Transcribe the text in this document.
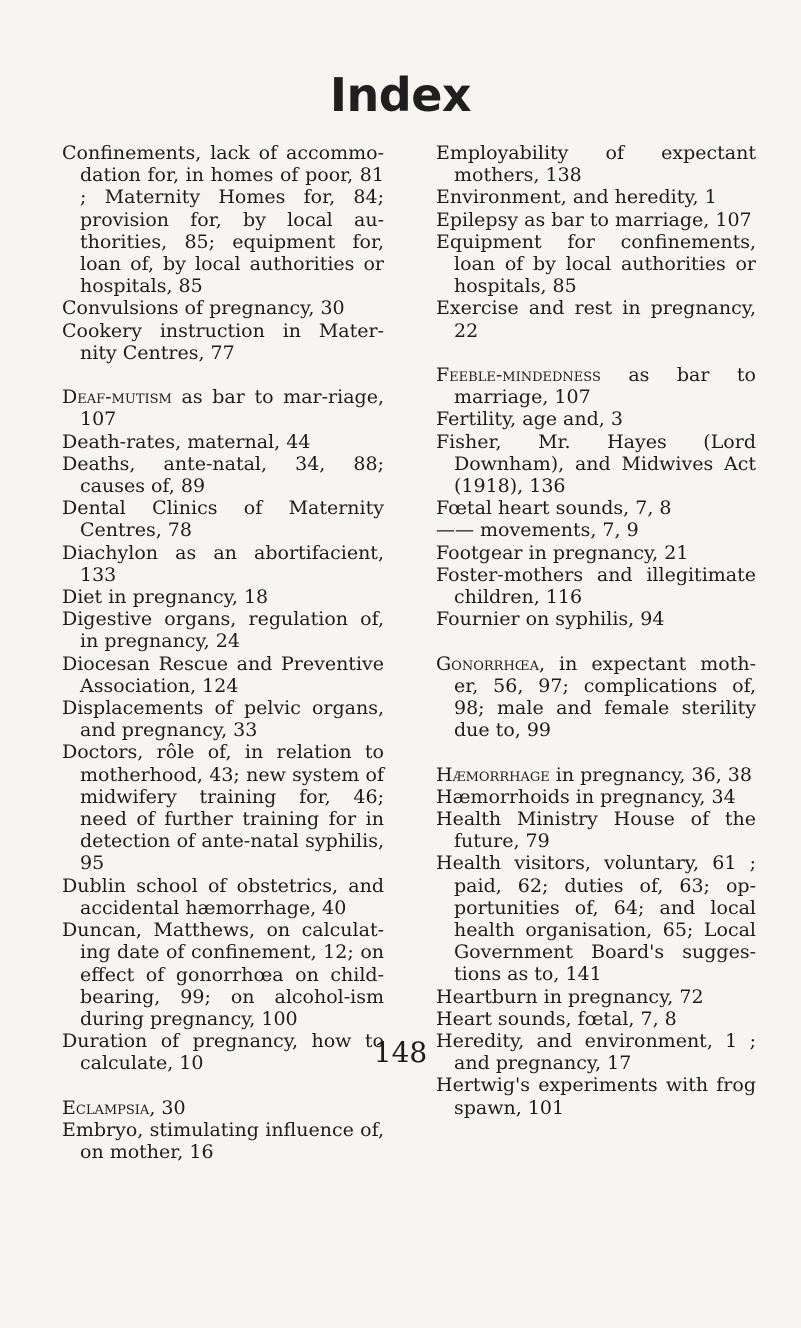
Index

Confinements, lack of accommo-dation for, in homes of poor, 81 ; Maternity Homes for, 84; provision for, by local au-thorities, 85; equipment for, loan of, by local authorities or hospitals, 85

Convulsions of pregnancy, 30

Cookery instruction in Mater-nity Centres, 77

Deaf-mutism as bar to mar-riage, 107

Death-rates, maternal, 44

Deaths, ante-natal, 34, 88; causes of, 89

Dental Clinics of Maternity Centres, 78

Diachylon as an abortifacient, 133

Diet in pregnancy, 18

Digestive organs, regulation of, in pregnancy, 24

Diocesan Rescue and Preventive Association, 124

Displacements of pelvic organs, and pregnancy, 33

Doctors, rôle of, in relation to motherhood, 43; new system of midwifery training for, 46; need of further training for in detection of ante-natal syphilis, 95

Dublin school of obstetrics, and accidental hæmorrhage, 40

Duncan, Matthews, on calculat-ing date of confinement, 12; on effect of gonorrhœa on child-bearing, 99; on alcohol-ism during pregnancy, 100

Duration of pregnancy, how to calculate, 10

Eclampsia, 30

Embryo, stimulating influence of, on mother, 16

Employability of expectant mothers, 138

Environment, and heredity, 1

Epilepsy as bar to marriage, 107

Equipment for confinements, loan of by local authorities or hospitals, 85

Exercise and rest in pregnancy, 22

Feeble-mindedness as bar to marriage, 107

Fertility, age and, 3

Fisher, Mr. Hayes (Lord Downham), and Midwives Act (1918), 136

Fœtal heart sounds, 7, 8

—— movements, 7, 9

Footgear in pregnancy, 21

Foster-mothers and illegitimate children, 116

Fournier on syphilis, 94

Gonorrhœa, in expectant moth-er, 56, 97; complications of, 98; male and female sterility due to, 99

Hæmorrhage in pregnancy, 36, 38

Hæmorrhoids in pregnancy, 34

Health Ministry House of the future, 79

Health visitors, voluntary, 61 ; paid, 62; duties of, 63; op-portunities of, 64; and local health organisation, 65; Local Government Board's sugges-tions as to, 141

Heartburn in pregnancy, 72

Heart sounds, fœtal, 7, 8

Heredity, and environment, 1 ; and pregnancy, 17

Hertwig's experiments with frog spawn, 101

148
